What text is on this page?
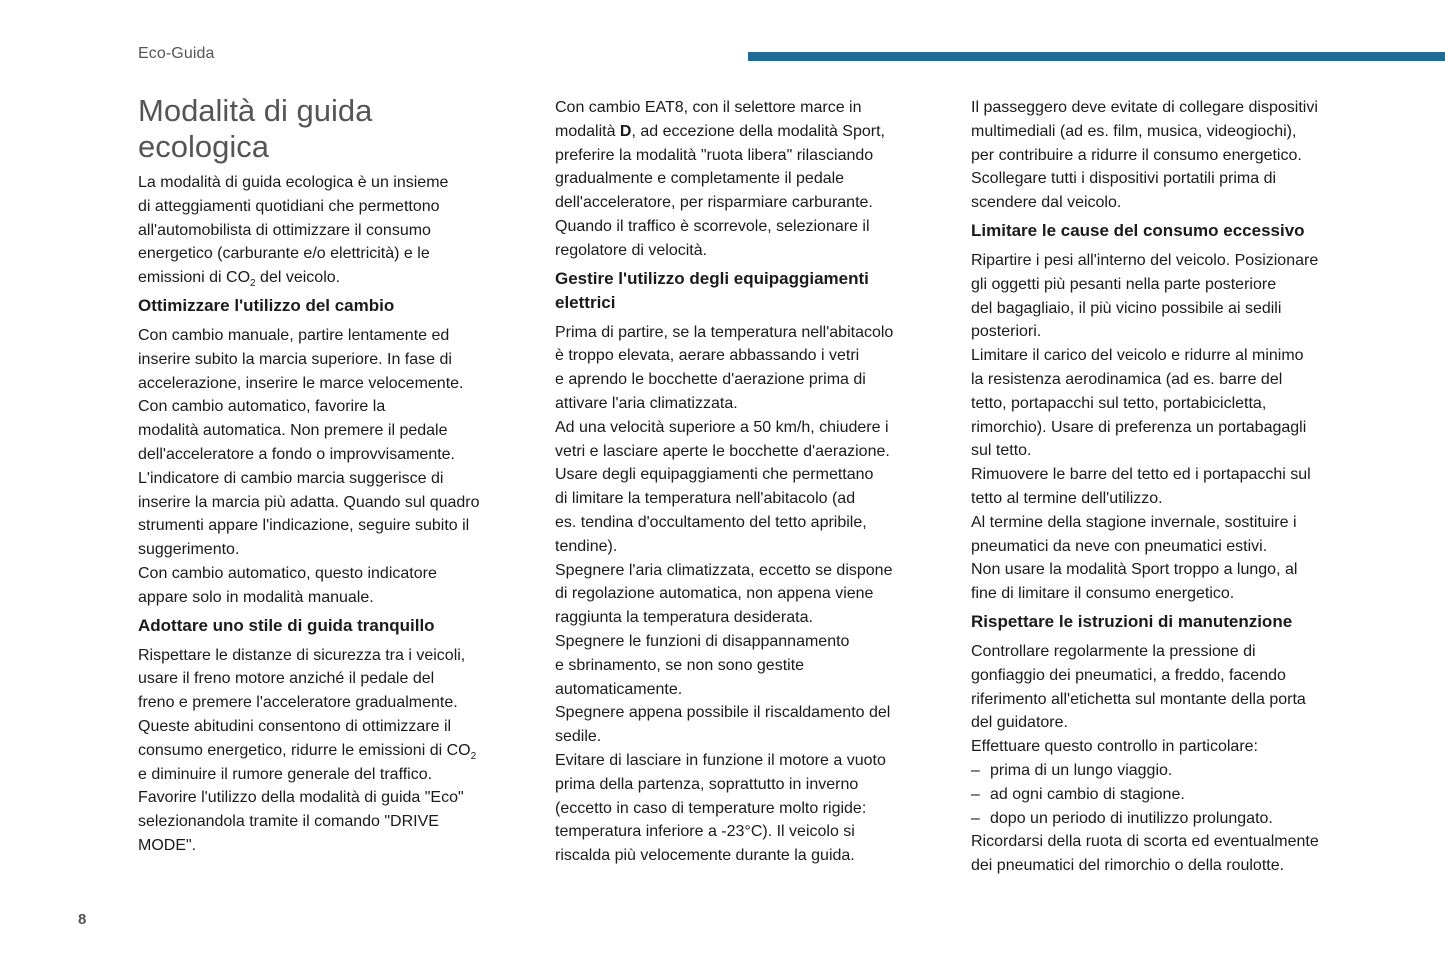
Eco-Guida
Modalità di guida ecologica

La modalità di guida ecologica è un insieme
di atteggiamenti quotidiani che permettono
all'automobilista di ottimizzare il consumo
energetico (carburante e/o elettricità) e le
emissioni di $CO_2$ del veicolo.

Ottimizzare l'utilizzo del cambio

Con cambio manuale, partire lentamente ed
inserire subito la marcia superiore. In fase di
accelerazione, inserire le marce velocemente.
Con cambio automatico, favorire la
modalità automatica. Non premere il pedale
dell'acceleratore a fondo o improvvisamente.
L'indicatore di cambio marcia suggerisce di
inserire la marcia più adatta. Quando sul quadro
strumenti appare l'indicazione, seguire subito il
suggerimento.
Con cambio automatico, questo indicatore
appare solo in modalità manuale.

Adottare uno stile di guida tranquillo

Rispettare le distanze di sicurezza tra i veicoli,
usare il freno motore anziché il pedale del
freno e premere l'acceleratore gradualmente.
Queste abitudini consentono di ottimizzare il
consumo energetico, ridurre le emissioni di $CO_2$
e diminuire il rumore generale del traffico.
Favorire l'utilizzo della modalità di guida "Eco"
selezionandola tramite il comando "DRIVE
MODE".

Con cambio EAT8, con il selettore marce in
modalità D, ad eccezione della modalità Sport,
preferire la modalità "ruota libera" rilasciando
gradualmente e completamente il pedale
dell'acceleratore, per risparmiare carburante.
Quando il traffico è scorrevole, selezionare il
regolatore di velocità.

Gestire l'utilizzo degli equipaggiamenti
elettrici

Prima di partire, se la temperatura nell'abitacolo
è troppo elevata, aerare abbassando i vetri
e aprendo le bocchette d'aerazione prima di
attivare l'aria climatizzata.
Ad una velocità superiore a 50 km/h, chiudere i
vetri e lasciare aperte le bocchette d'aerazione.
Usare degli equipaggiamenti che permettano
di limitare la temperatura nell'abitacolo (ad
es. tendina d'occultamento del tetto apribile,
tendine).
Spegnere l'aria climatizzata, eccetto se dispone
di regolazione automatica, non appena viene
raggiunta la temperatura desiderata.
Spegnere le funzioni di disappannamento
e sbrinamento, se non sono gestite
automaticamente.
Spegnere appena possibile il riscaldamento del
sedile.
Evitare di lasciare in funzione il motore a vuoto
prima della partenza, soprattutto in inverno
(eccetto in caso di temperature molto rigide:
temperatura inferiore a -23°C). Il veicolo si
riscalda più velocemente durante la guida.

Il passeggero deve evitate di collegare dispositivi
multimediali (ad es. film, musica, videogiochi),
per contribuire a ridurre il consumo energetico.
Scollegare tutti i dispositivi portatili prima di
scendere dal veicolo.

Limitare le cause del consumo eccessivo

Ripartire i pesi all'interno del veicolo. Posizionare
gli oggetti più pesanti nella parte posteriore
del bagagliaio, il più vicino possibile ai sedili
posteriori.
Limitare il carico del veicolo e ridurre al minimo
la resistenza aerodinamica (ad es. barre del
tetto, portapacchi sul tetto, portabicicletta,
rimorchio). Usare di preferenza un portabagagli
sul tetto.
Rimuovere le barre del tetto ed i portapacchi sul
tetto al termine dell'utilizzo.
Al termine della stagione invernale, sostituire i
pneumatici da neve con pneumatici estivi.
Non usare la modalità Sport troppo a lungo, al
fine di limitare il consumo energetico.

Rispettare le istruzioni di manutenzione

Controllare regolarmente la pressione di
gonfiaggio dei pneumatici, a freddo, facendo
riferimento all'etichetta sul montante della porta
del guidatore.
Effettuare questo controllo in particolare:

– prima di un lungo viaggio.
– ad ogni cambio di stagione.
– dopo un periodo di inutilizzo prolungato.

Ricordarsi della ruota di scorta ed eventualmente
dei pneumatici del rimorchio o della roulotte.

8
